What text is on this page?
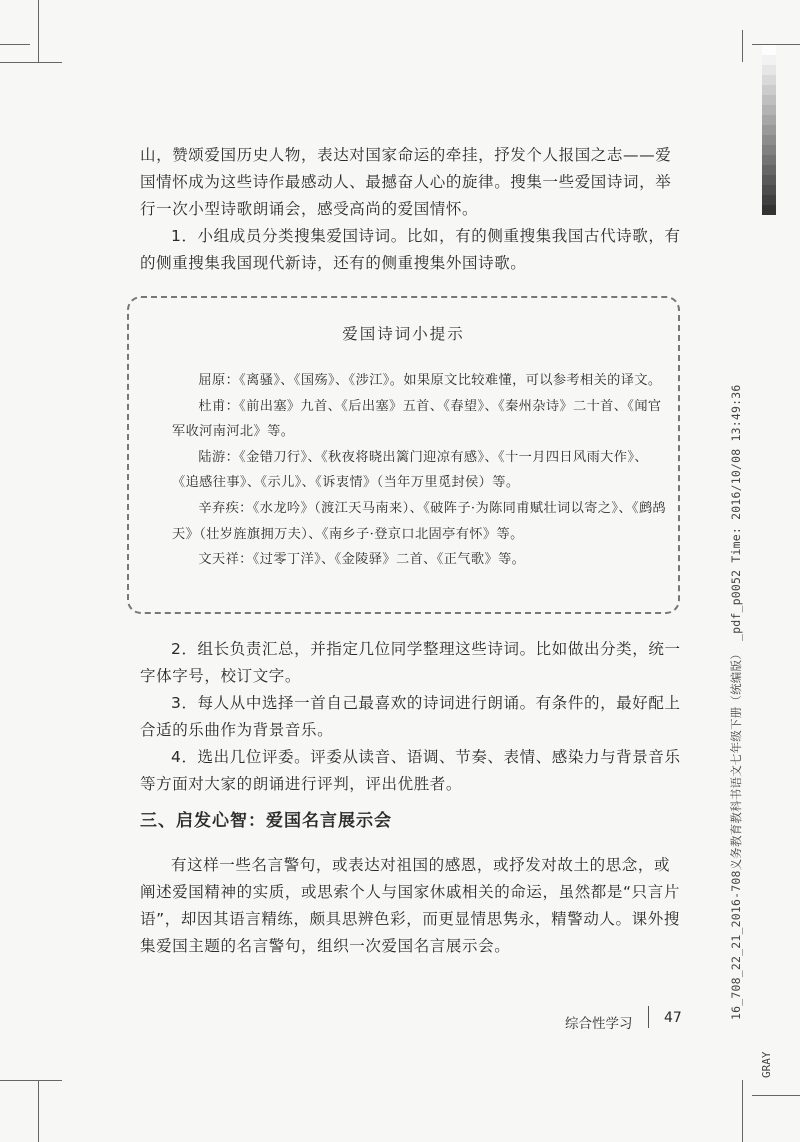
山，赞颂爱国历史人物，表达对国家命运的牵挂，抒发个人报国之志——爱国情怀成为这些诗作最感动人、最撼奋人心的旋律。搜集一些爱国诗词，举行一次小型诗歌朗诵会，感受高尚的爱国情怀。

1．小组成员分类搜集爱国诗词。比如，有的侧重搜集我国古代诗歌，有的侧重搜集我国现代新诗，还有的侧重搜集外国诗歌。

爱国诗词小提示

屈原：《离骚》、《国殇》、《涉江》。如果原文比较难懂，可以参考相关的译文。

杜甫：《前出塞》九首、《后出塞》五首、《春望》、《秦州杂诗》二十首、《闻官军收河南河北》等。

陆游：《金错刀行》、《秋夜将晓出篱门迎凉有感》、《十一月四日风雨大作》、《追感往事》、《示儿》、《诉衷情》（当年万里觅封侯）等。

辛弃疾：《水龙吟》（渡江天马南来）、《破阵子·为陈同甫赋壮词以寄之》、《鹧鸪天》（壮岁旌旗拥万夫）、《南乡子·登京口北固亭有怀》等。

文天祥：《过零丁洋》、《金陵驿》二首、《正气歌》等。

2．组长负责汇总，并指定几位同学整理这些诗词。比如做出分类，统一字体字号，校订文字。

3．每人从中选择一首自己最喜欢的诗词进行朗诵。有条件的，最好配上合适的乐曲作为背景音乐。

4．选出几位评委。评委从读音、语调、节奏、表情、感染力与背景音乐等方面对大家的朗诵进行评判，评出优胜者。

三、启发心智：爱国名言展示会

有这样一些名言警句，或表达对祖国的感恩，或抒发对故土的思念，或阐述爱国精神的实质，或思索个人与国家休戚相关的命运，虽然都是“只言片语”，却因其语言精练，颇具思辨色彩，而更显情思隽永，精警动人。课外搜集爱国主题的名言警句，组织一次爱国名言展示会。

综合性学习 47	16_708_22_21_2016-708义务教育教科书语文七年级下册（统编版） _pdf_p0052 Time: 2016/10/08 13:49:36
GRAY
